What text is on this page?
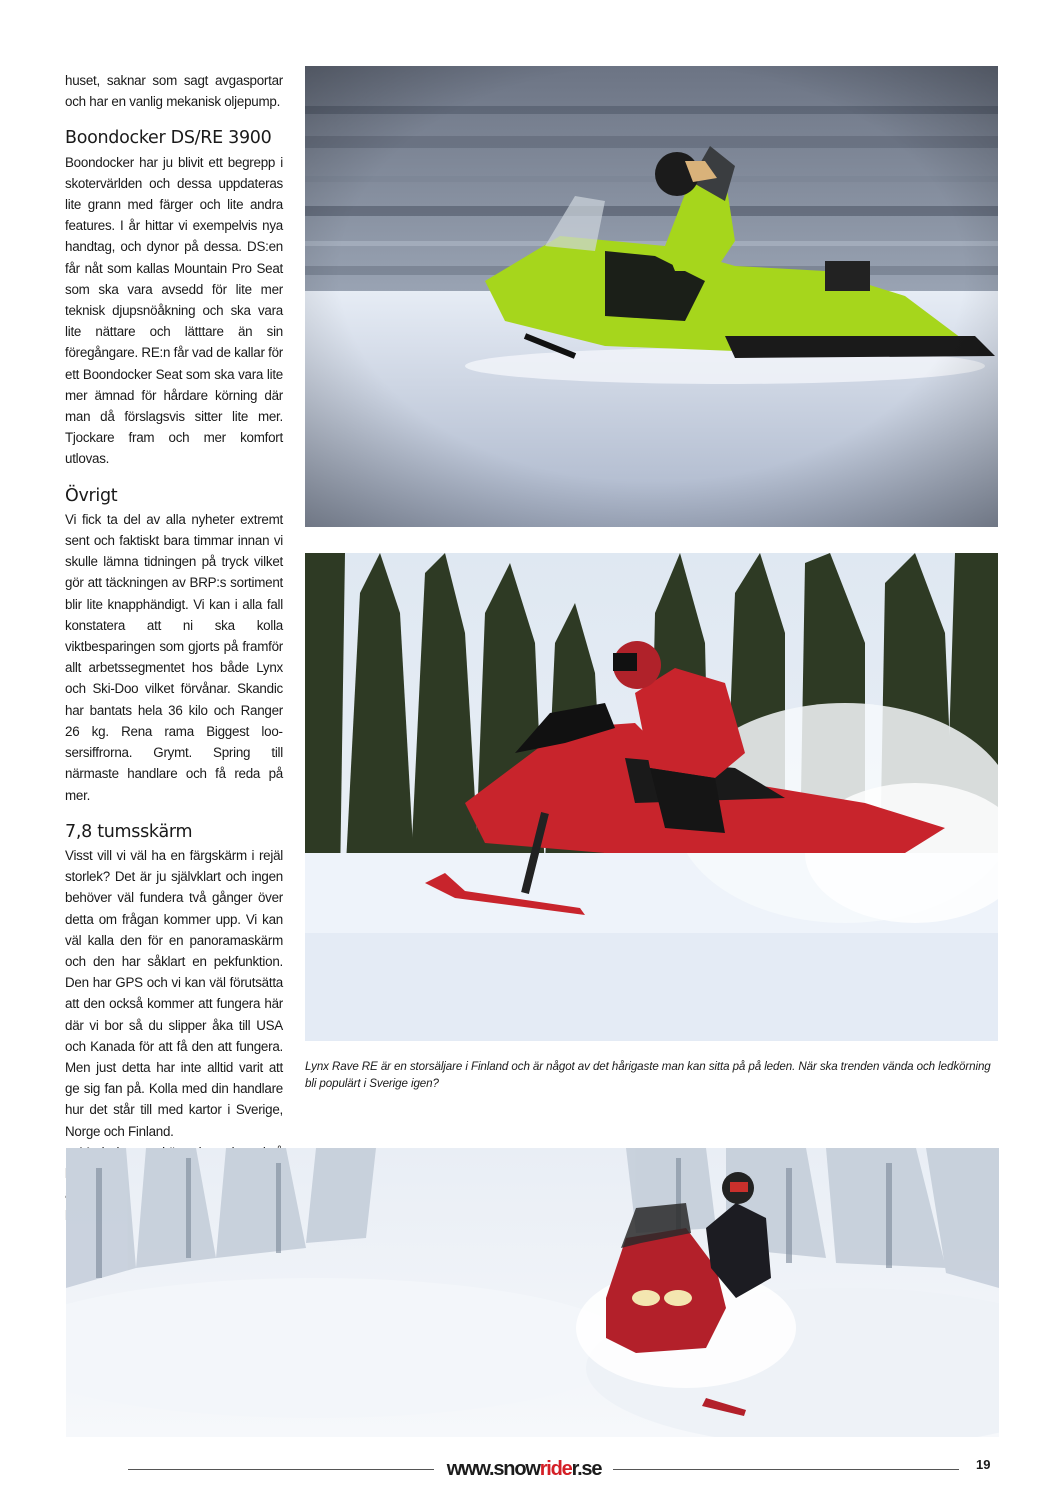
huset, saknar som sagt avgasportar och har en vanlig mekanisk oljepump.

Boondocker DS/RE 3900

Boondocker har ju blivit ett begrepp i skotervärlden och dessa uppdateras lite grann med färger och lite andra features. I år hittar vi exempelvis nya handtag, och dynor på dessa. DS:en får nåt som kallas Mountain Pro Seat som ska vara avsedd för lite mer teknisk djupsnöåkning och ska vara lite nättare och lätttare än sin föregångare. RE:n får vad de kallar för ett Boondocker Seat som ska vara lite mer ämnad för hårdare körning där man då förslagsvis sitter lite mer. Tjockare fram och mer komfort utlovas.

Övrigt

Vi fick ta del av alla nyheter extremt sent och faktiskt bara timmar innan vi skulle lämna tidningen på tryck vilket gör att täckningen av BRP:s sortiment blir lite knapphändigt. Vi kan i alla fall konstatera att ni ska kolla viktbesparingen som gjorts på framför allt arbetssegmentet hos både Lynx och Ski-Doo vilket förvånar. Skandic har bantats hela 36 kilo och Ranger 26 kg. Rena rama Biggest loosersiffrorna. Grymt. Spring till närmaste handlare och få reda på mer.

7,8 tumsskärm

Visst vill vi väl ha en färgskärm i rejäl storlek? Det är ju självklart och ingen behöver väl fundera två gånger över detta om frågan kommer upp. Vi kan väl kalla den för en panoramaskärm och den har såklart en pekfunktion. Den har GPS och vi kan väl förutsätta att den också kommer att fungera här där vi bor så du slipper åka till USA och Kanada för att få den att fungera. Men just detta har inte alltid varit att ge sig fan på. Kolla med din handlare hur det står till med kartor i Sverige, Norge och Finland.

Lynx Rave RE är en storsäljare i Finland och är något av det hårigaste man kan sitta på på leden. När ska trenden vända och ledkörning bli populärt i Sverige igen?
www.snowrider.se	19
